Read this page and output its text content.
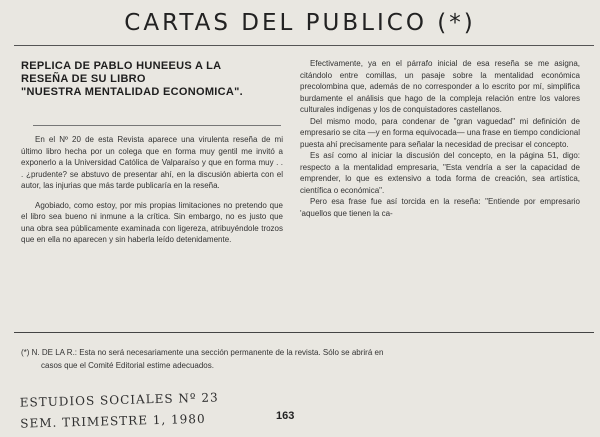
CARTAS DEL PUBLICO (*)
REPLICA DE PABLO HUNEEUS A LA
RESEÑA DE SU LIBRO
"NUESTRA MENTALIDAD ECONOMICA".

En el Nº 20 de esta Revista aparece una virulenta reseña de mi último libro hecha por un colega que en forma muy gentil me invitó a exponerlo a la Universidad Católica de Valparaíso y que en forma muy . . . ¿prudente? se abstuvo de presentar ahí, en la discusión abierta con el autor, las injurias que más tarde publicaría en la reseña.

Agobiado, como estoy, por mis propias limitaciones no pretendo que el libro sea bueno ni inmune a la crítica. Sin embargo, no es justo que una obra sea públicamente examinada con ligereza, atribuyéndole trozos que en ella no aparecen y sin haberla leído detenidamente.

Efectivamente, ya en el párrafo inicial de esa reseña se me asigna, citándolo entre comillas, un pasaje sobre la mentalidad económica precolombina que, además de no corresponder a lo escrito por mí, simplifica burdamente el análisis que hago de la compleja relación entre los valores culturales indígenas y los de conquistadores castellanos.

Del mismo modo, para condenar de "gran vaguedad" mi definición de empresario se cita —y en forma equivocada— una frase en tiempo condicional puesta ahí precisamente para señalar la necesidad de precisar el concepto.

Es así como al iniciar la discusión del concepto, en la página 51, digo: respecto a la mentalidad empresaria, "Esta vendría a ser la capacidad de emprender, lo que es extensivo a toda forma de creación, sea artística, científica o económica".

Pero esa frase fue así torcida en la reseña: "Entiende por empresario 'aquellos que tienen la ca-

(*) N. DE LA R.: Esta no será necesariamente una sección permanente de la revista. Sólo se abrirá en
casos que el Comité Editorial estime adecuados.
ESTUDIOS SOCIALES Nº 23
SEM. TRIMESTRE 1, 1980	163
